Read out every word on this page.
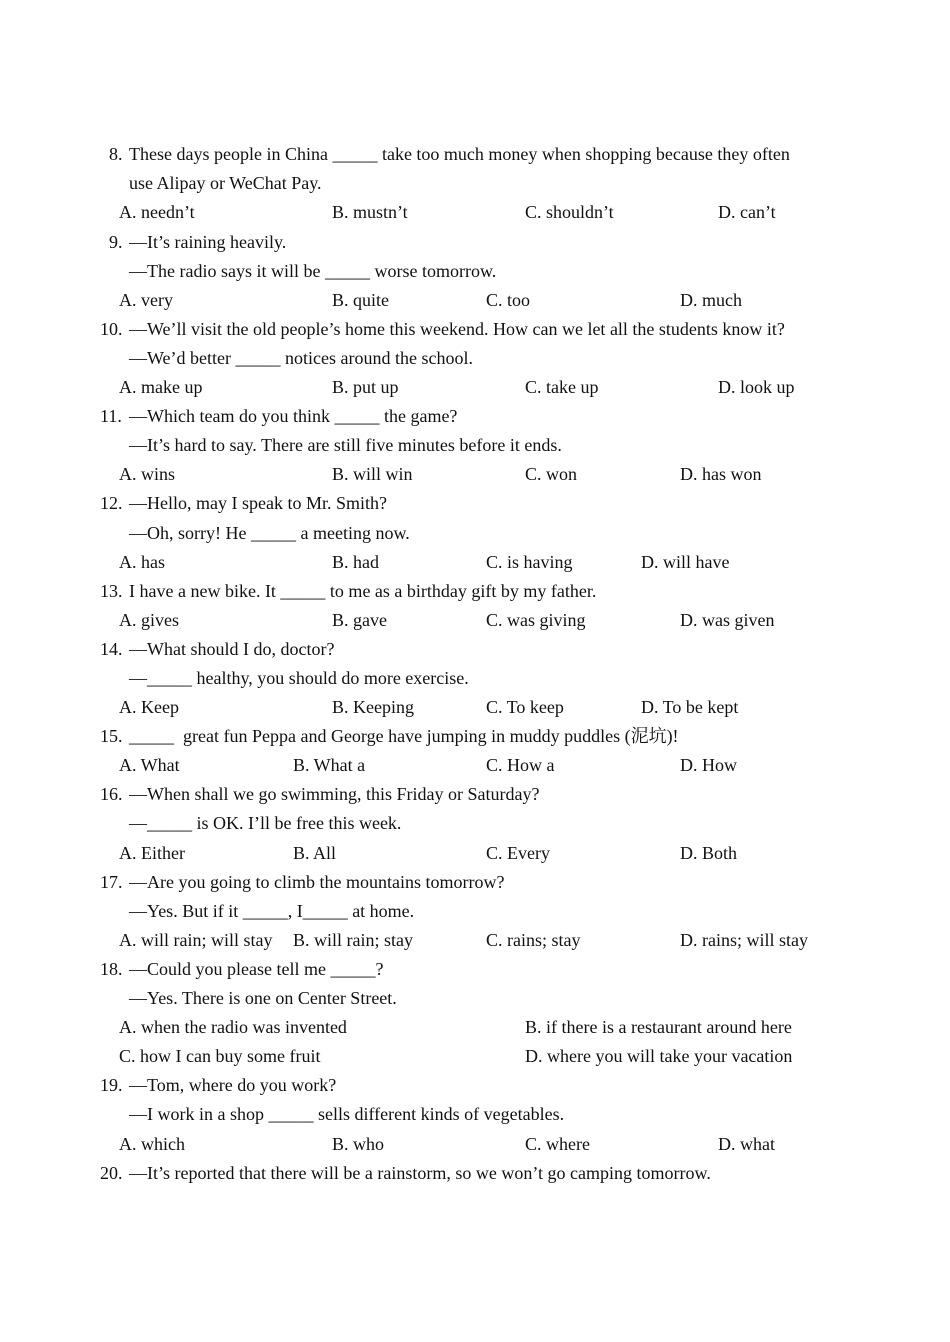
8. These days people in China _____ take too much money when shopping because they often
use Alipay or WeChat Pay.
A. needn’t	B. mustn’t	C. shouldn’t	D. can’t
9. —It’s raining heavily.
—The radio says it will be _____ worse tomorrow.
A. very	B. quite	C. too	D. much
10. —We’ll visit the old people’s home this weekend. How can we let all the students know it?
—We’d better _____ notices around the school.
A. make up	B. put up	C. take up	D. look up
11. —Which team do you think _____ the game?
—It’s hard to say. There are still five minutes before it ends.
A. wins	B. will win	C. won	D. has won
12. —Hello, may I speak to Mr. Smith?
—Oh, sorry! He _____ a meeting now.
A. has	B. had	C. is having	D. will have
13. I have a new bike. It _____ to me as a birthday gift by my father.
A. gives	B. gave	C. was giving	D. was given
14. —What should I do, doctor?
—_____ healthy, you should do more exercise.
A. Keep	B. Keeping	C. To keep	D. To be kept
15. _____  great fun Peppa and George have jumping in muddy puddles (泥坑)!
A. What	B. What a	C. How a	D. How
16. —When shall we go swimming, this Friday or Saturday?
—_____ is OK. I’ll be free this week.
A. Either	B. All	C. Every	D. Both
17. —Are you going to climb the mountains tomorrow?
—Yes. But if it _____, I_____ at home.
A. will rain; will stay B. will rain; stay	C. rains; stay	D. rains; will stay
18. —Could you please tell me _____?
—Yes. There is one on Center Street.
A. when the radio was invented	B. if there is a restaurant around here
C. how I can buy some fruit	D. where you will take your vacation
19. —Tom, where do you work?
—I work in a shop _____ sells different kinds of vegetables.
A. which	B. who	C. where	D. what
20. —It’s reported that there will be a rainstorm, so we won’t go camping tomorrow.
